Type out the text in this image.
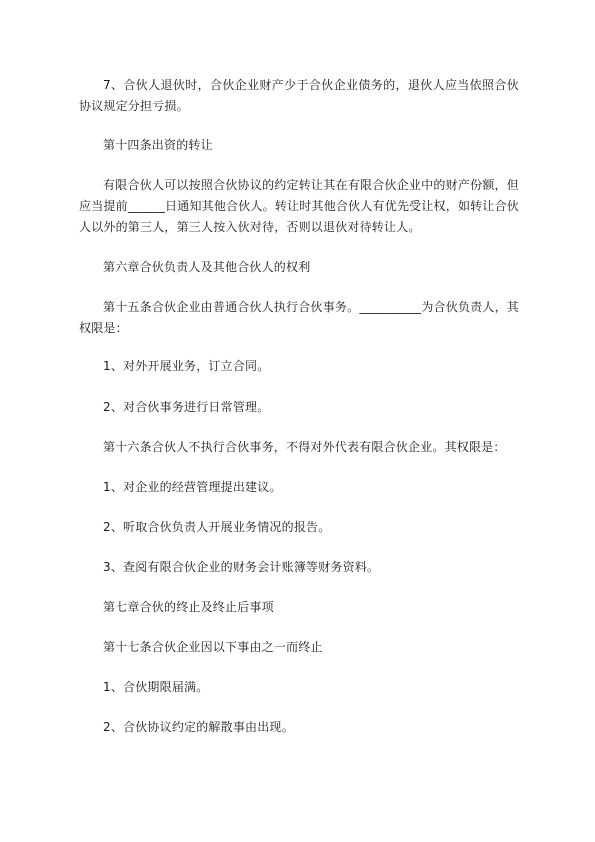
7、合伙人退伙时，合伙企业财产少于合伙企业债务的，退伙人应当依照合伙协议规定分担亏损。

第十四条出资的转让

有限合伙人可以按照合伙协议的约定转让其在有限合伙企业中的财产份额，但应当提前______日通知其他合伙人。转让时其他合伙人有优先受让权，如转让合伙人以外的第三人，第三人按入伙对待，否则以退伙对待转让人。

第六章合伙负责人及其他合伙人的权利

第十五条合伙企业由普通合伙人执行合伙事务。__________为合伙负责人，其权限是：

1、对外开展业务，订立合同。

2、对合伙事务进行日常管理。

第十六条合伙人不执行合伙事务，不得对外代表有限合伙企业。其权限是：

1、对企业的经营管理提出建议。

2、听取合伙负责人开展业务情况的报告。

3、查阅有限合伙企业的财务会计账簿等财务资料。

第七章合伙的终止及终止后事项

第十七条合伙企业因以下事由之一而终止

1、合伙期限届满。

2、合伙协议约定的解散事由出现。
